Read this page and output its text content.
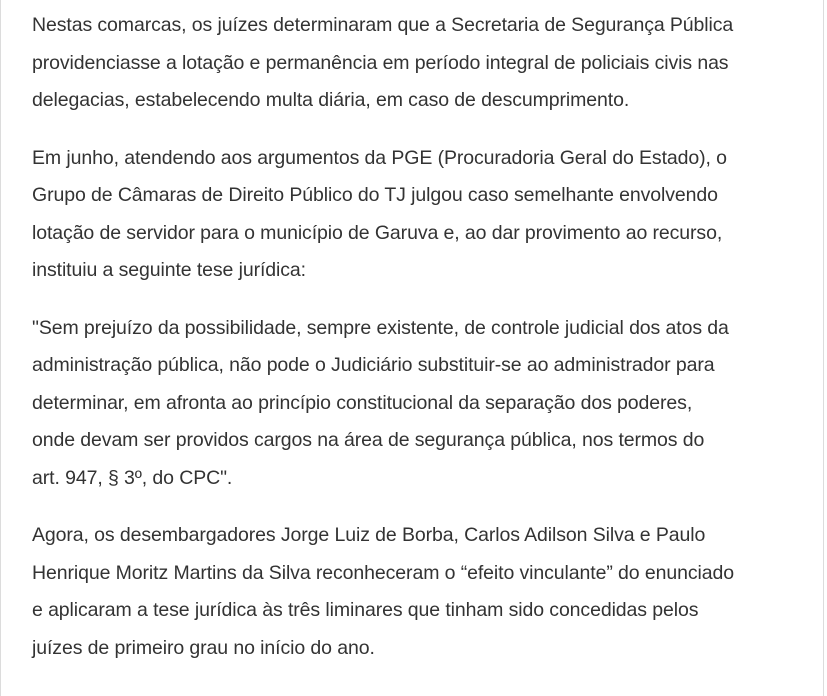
Nestas comarcas, os juízes determinaram que a Secretaria de Segurança Pública
providenciasse a lotação e permanência em período integral de policiais civis nas
delegacias, estabelecendo multa diária, em caso de descumprimento.

Em junho, atendendo aos argumentos da PGE (Procuradoria Geral do Estado), o
Grupo de Câmaras de Direito Público do TJ julgou caso semelhante envolvendo
lotação de servidor para o município de Garuva e, ao dar provimento ao recurso,
instituiu a seguinte tese jurídica:

"Sem prejuízo da possibilidade, sempre existente, de controle judicial dos atos da
administração pública, não pode o Judiciário substituir-se ao administrador para
determinar, em afronta ao princípio constitucional da separação dos poderes,
onde devam ser providos cargos na área de segurança pública, nos termos do
art. 947, § 3º, do CPC".

Agora, os desembargadores Jorge Luiz de Borba, Carlos Adilson Silva e Paulo
Henrique Moritz Martins da Silva reconheceram o “efeito vinculante” do enunciado
e aplicaram a tese jurídica às três liminares que tinham sido concedidas pelos
juízes de primeiro grau no início do ano.
